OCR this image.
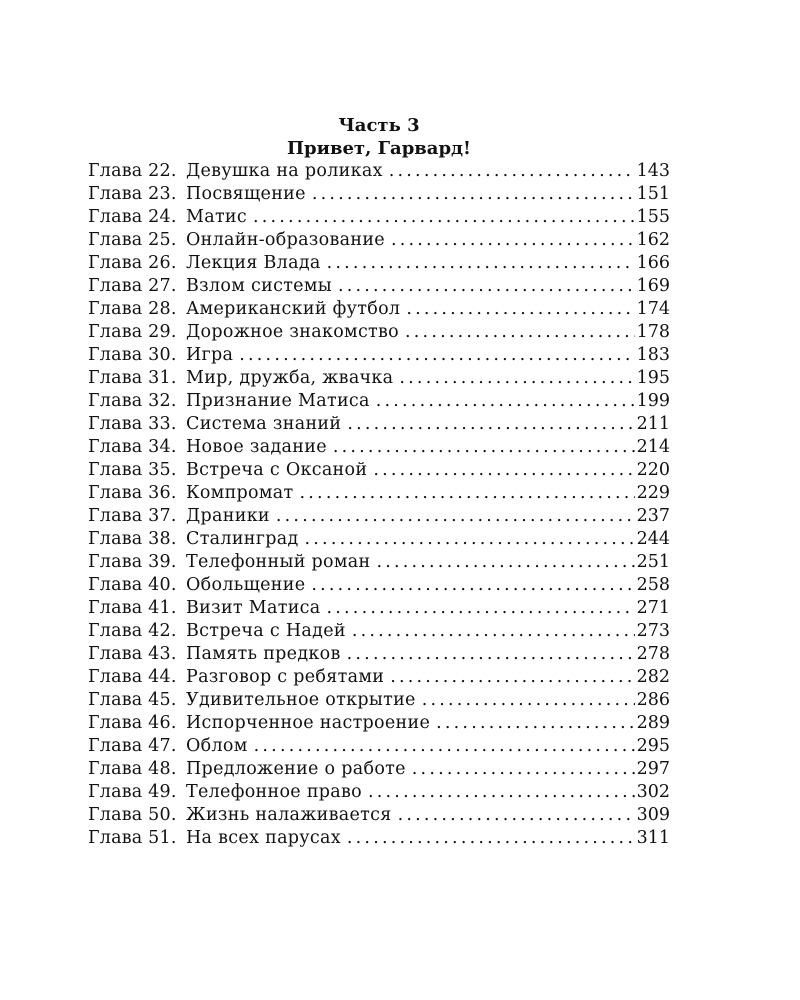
Часть 3
Привет, Гарвард!
Глава 22. Девушка на роликах .....	143
Глава 23. Посвящение .....	151
Глава 24. Матис .....	155
Глава 25. Онлайн-образование .....	162
Глава 26. Лекция Влада .....	166
Глава 27. Взлом системы .....	169
Глава 28. Американский футбол .....	174
Глава 29. Дорожное знакомство .....	178
Глава 30. Игра .....	183
Глава 31. Мир, дружба, жвачка .....	195
Глава 32. Признание Матиса .....	199
Глава 33. Система знаний .....	211
Глава 34. Новое задание .....	214
Глава 35. Встреча с Оксаной .....	220
Глава 36. Компромат .....	229
Глава 37. Драники .....	237
Глава 38. Сталинград .....	244
Глава 39. Телефонный роман .....	251
Глава 40. Обольщение .....	258
Глава 41. Визит Матиса .....	271
Глава 42. Встреча с Надей .....	273
Глава 43. Память предков .....	278
Глава 44. Разговор с ребятами .....	282
Глава 45. Удивительное открытие .....	286
Глава 46. Испорченное настроение .....	289
Глава 47. Облом .....	295
Глава 48. Предложение о работе .....	297
Глава 49. Телефонное право .....	302
Глава 50. Жизнь налаживается .....	309
Глава 51. На всех парусах .....	311
